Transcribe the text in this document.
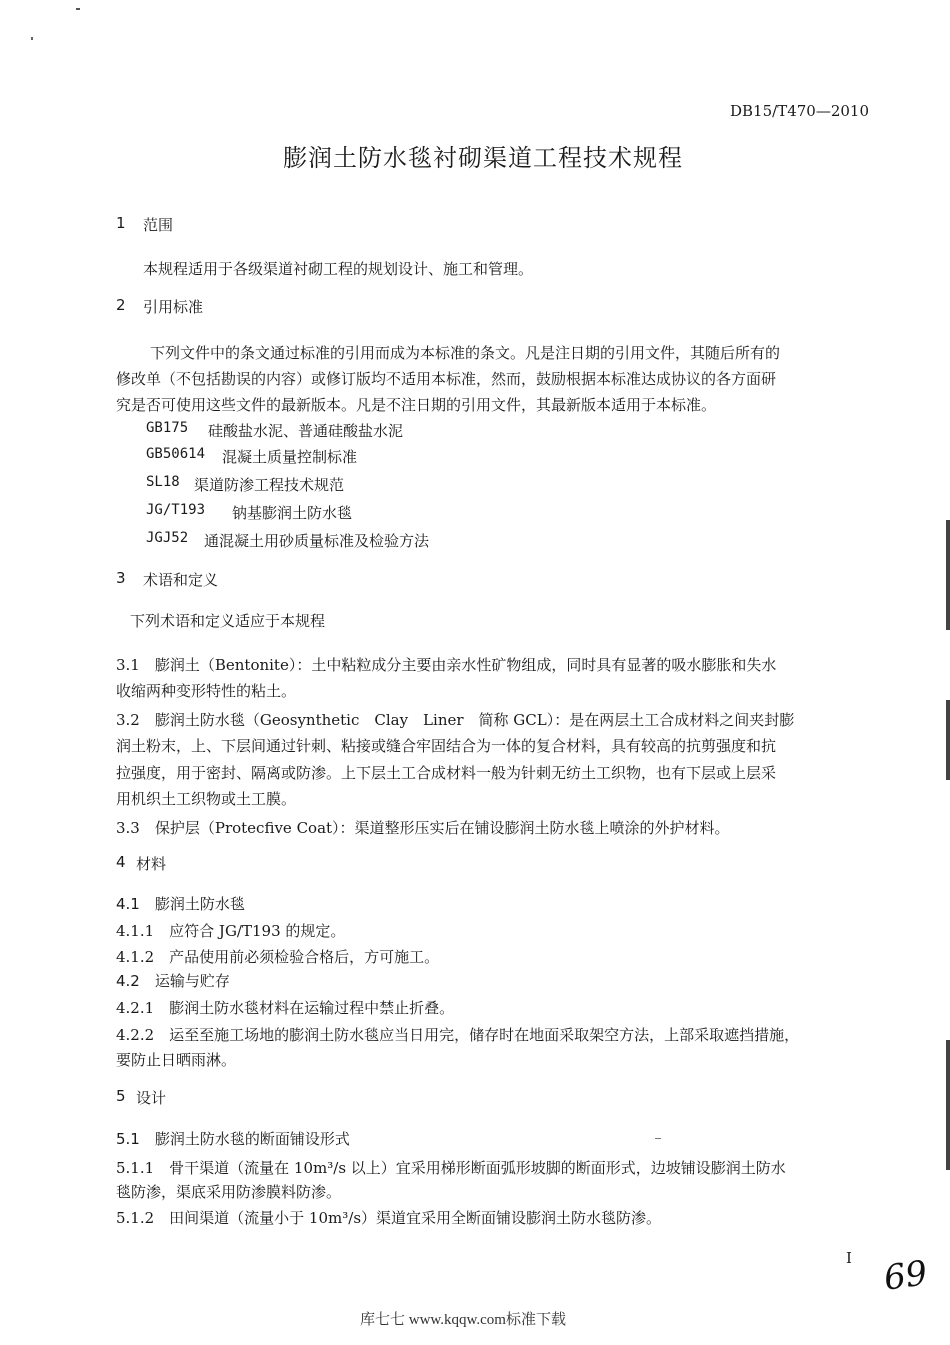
DB15/T470—2010
膨润土防水毯衬砌渠道工程技术规程
1 范围
本规程适用于各级渠道衬砌工程的规划设计、施工和管理。
2 引用标准
下列文件中的条文通过标准的引用而成为本标准的条文。凡是注日期的引用文件，其随后所有的
修改单（不包括勘误的内容）或修订版均不适用本标准，然而，鼓励根据本标准达成协议的各方面研
究是否可使用这些文件的最新版本。凡是不注日期的引用文件，其最新版本适用于本标准。
GB175 硅酸盐水泥、普通硅酸盐水泥
GB50614 混凝土质量控制标准
SL18 渠道防渗工程技术规范
JG/T193 钠基膨润土防水毯
JGJ52 通混凝土用砂质量标准及检验方法
3 术语和定义
下列术语和定义适应于本规程
3.1　膨润土（Bentonite）：土中粘粒成分主要由亲水性矿物组成，同时具有显著的吸水膨胀和失水
收缩两种变形特性的粘土。
3.2　膨润土防水毯（Geosynthetic　Clay　Liner　简称 GCL）：是在两层土工合成材料之间夹封膨
润土粉末，上、下层间通过针刺、粘接或缝合牢固结合为一体的复合材料，具有较高的抗剪强度和抗
拉强度，用于密封、隔离或防渗。上下层土工合成材料一般为针刺无纺土工织物，也有下层或上层采
用机织土工织物或土工膜。
3.3　保护层（Protecfive Coat）：渠道整形压实后在铺设膨润土防水毯上喷涂的外护材料。
4 材料
4.1　膨润土防水毯
4.1.1　应符合 JG/T193 的规定。
4.1.2　产品使用前必须检验合格后，方可施工。
4.2　运输与贮存
4.2.1　膨润土防水毯材料在运输过程中禁止折叠。
4.2.2　运至至施工场地的膨润土防水毯应当日用完，储存时在地面采取架空方法，上部采取遮挡措施，
要防止日晒雨淋。
5 设计
5.1　膨润土防水毯的断面铺设形式
5.1.1　骨干渠道（流量在 10m³/s 以上）宜采用梯形断面弧形坡脚的断面形式，边坡铺设膨润土防水
毯防渗，渠底采用防渗膜料防渗。
5.1.2　田间渠道（流量小于 10m³/s）渠道宜采用全断面铺设膨润土防水毯防渗。
I 69
库七七 www.kqqw.com标准下载
